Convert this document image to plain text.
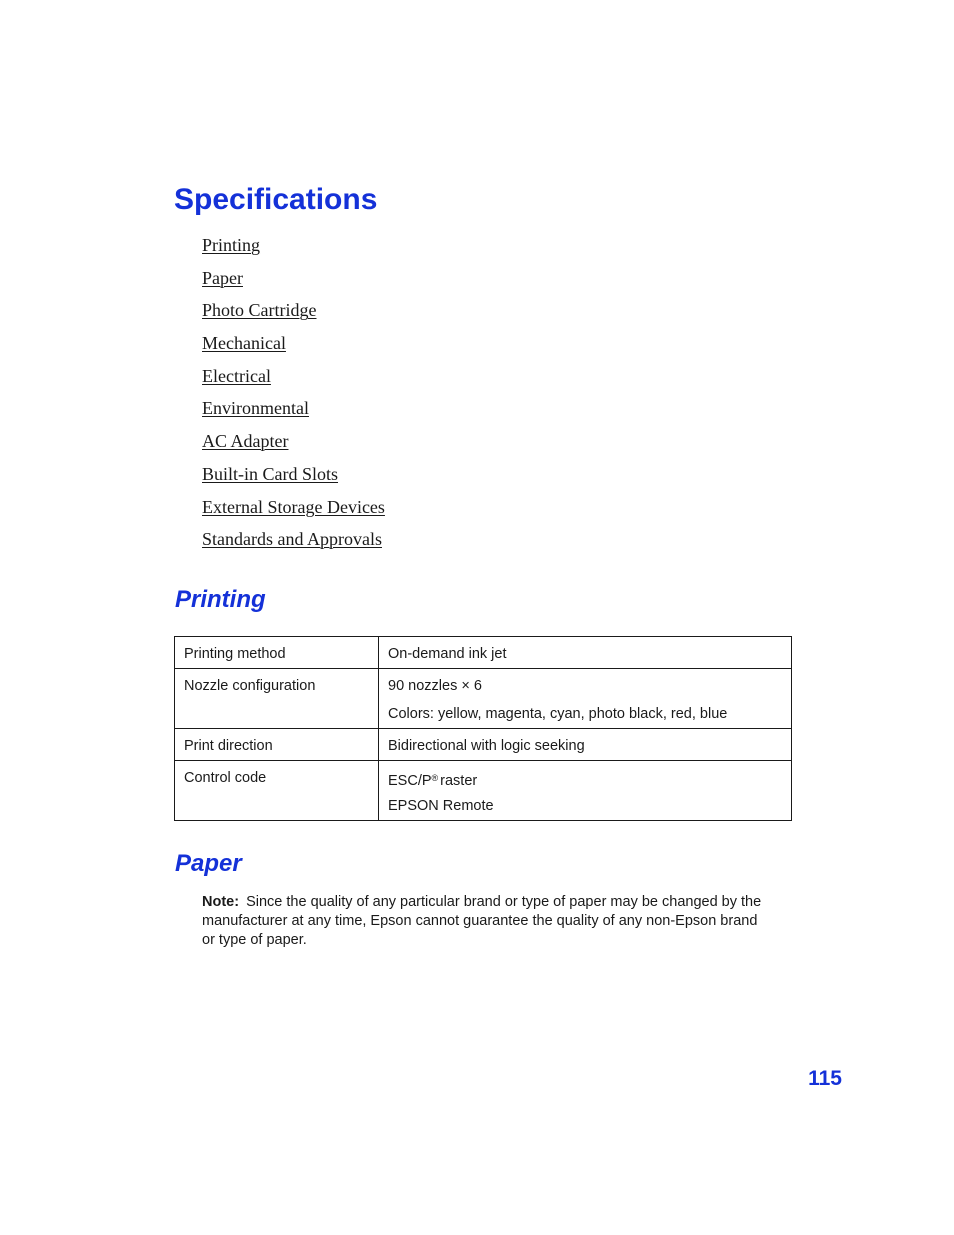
Specifications
Printing
Paper
Photo Cartridge
Mechanical
Electrical
Environmental
AC Adapter
Built-in Card Slots
External Storage Devices
Standards and Approvals
Printing
Printing method	On-demand ink jet

Nozzle configuration	90 nozzles × 6
Colors: yellow, magenta, cyan, photo black, red, blue

Print direction	Bidirectional with logic seeking

Control code	ESC/P® raster
EPSON Remote
Paper

Note: Since the quality of any particular brand or type of paper may be changed by the manufacturer at any time, Epson cannot guarantee the quality of any non-Epson brand or type of paper.

115
